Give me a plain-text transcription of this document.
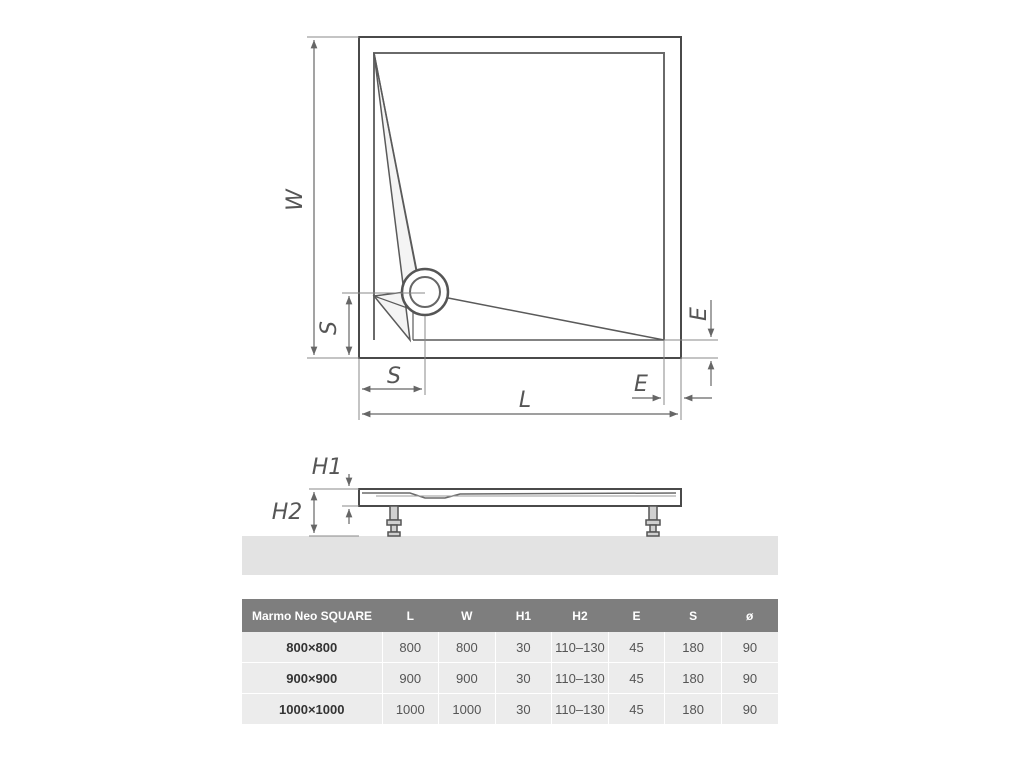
W
S
S
L
E
E
H1
H2
Marmo Neo SQUARE	L	W	H1	H2	E	S	ø
800×800	800	800	30	110–130	45	180	90
900×900	900	900	30	110–130	45	180	90
1000×1000	1000	1000	30	110–130	45	180	90
